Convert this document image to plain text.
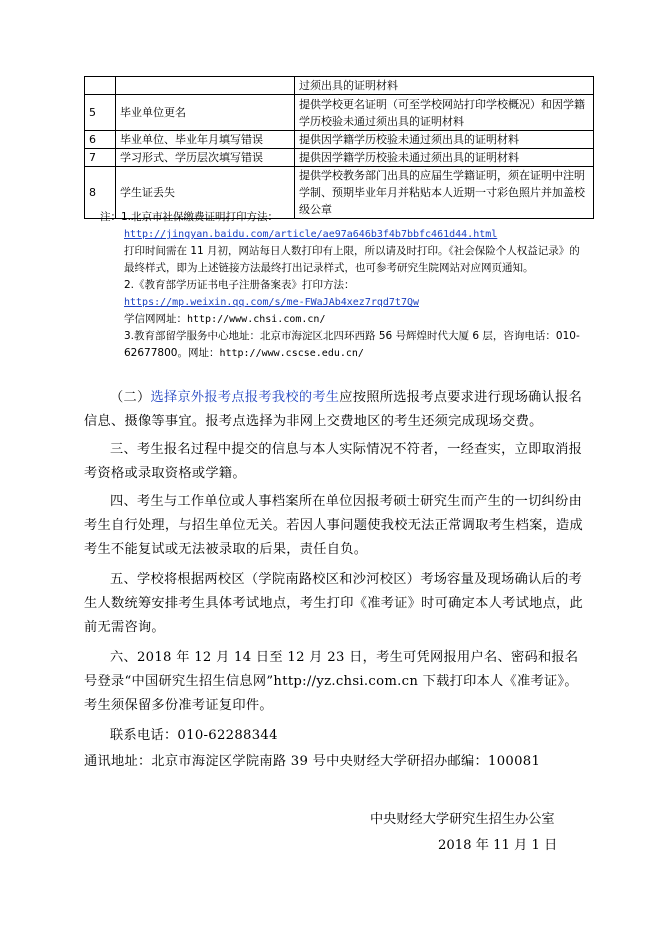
		过须出具的证明材料
5	毕业单位更名	提供学校更名证明（可至学校网站打印学校概况）和因学籍学历校验未通过须出具的证明材料
6	毕业单位、毕业年月填写错误	提供因学籍学历校验未通过须出具的证明材料
7	学习形式、学历层次填写错误	提供因学籍学历校验未通过须出具的证明材料
8	学生证丢失	提供学校教务部门出具的应届生学籍证明，须在证明中注明学制、预期毕业年月并粘贴本人近期一寸彩色照片并加盖校级公章

注：1.北京市社保缴费证明打印方法：

http://jingyan.baidu.com/article/ae97a646b3f4b7bbfc461d44.html

打印时间需在 11 月初，网站每日人数打印有上限，所以请及时打印。《社会保险个人权益记录》的最终样式，即为上述链接方法最终打出记录样式，也可参考研究生院网站对应网页通知。

2.《教育部学历证书电子注册备案表》打印方法：

https://mp.weixin.qq.com/s/me-FWaJAb4xez7rqd7t7Qw

学信网网址：http://www.chsi.com.cn/

3.教育部留学服务中心地址：北京市海淀区北四环西路 56 号辉煌时代大厦 6 层，咨询电话：010-62677800。网址：http://www.cscse.edu.cn/

（二）选择京外报考点报考我校的考生应按照所选报考点要求进行现场确认报名信息、摄像等事宜。报考点选择为非网上交费地区的考生还须完成现场交费。

三、考生报名过程中提交的信息与本人实际情况不符者，一经查实，立即取消报考资格或录取资格或学籍。

四、考生与工作单位或人事档案所在单位因报考硕士研究生而产生的一切纠纷由考生自行处理，与招生单位无关。若因人事问题使我校无法正常调取考生档案，造成考生不能复试或无法被录取的后果，责任自负。

五、学校将根据两校区（学院南路校区和沙河校区）考场容量及现场确认后的考生人数统筹安排考生具体考试地点，考生打印《准考证》时可确定本人考试地点，此前无需咨询。

六、2018 年 12 月 14 日至 12 月 23 日，考生可凭网报用户名、密码和报名号登录“中国研究生招生信息网”http://yz.chsi.com.cn 下载打印本人《准考证》。考生须保留多份准考证复印件。

联系电话：010-62288344

通讯地址：北京市海淀区学院南路 39 号中央财经大学研招办邮编：100081

中央财经大学研究生招生办公室
2018 年 11 月 1 日
